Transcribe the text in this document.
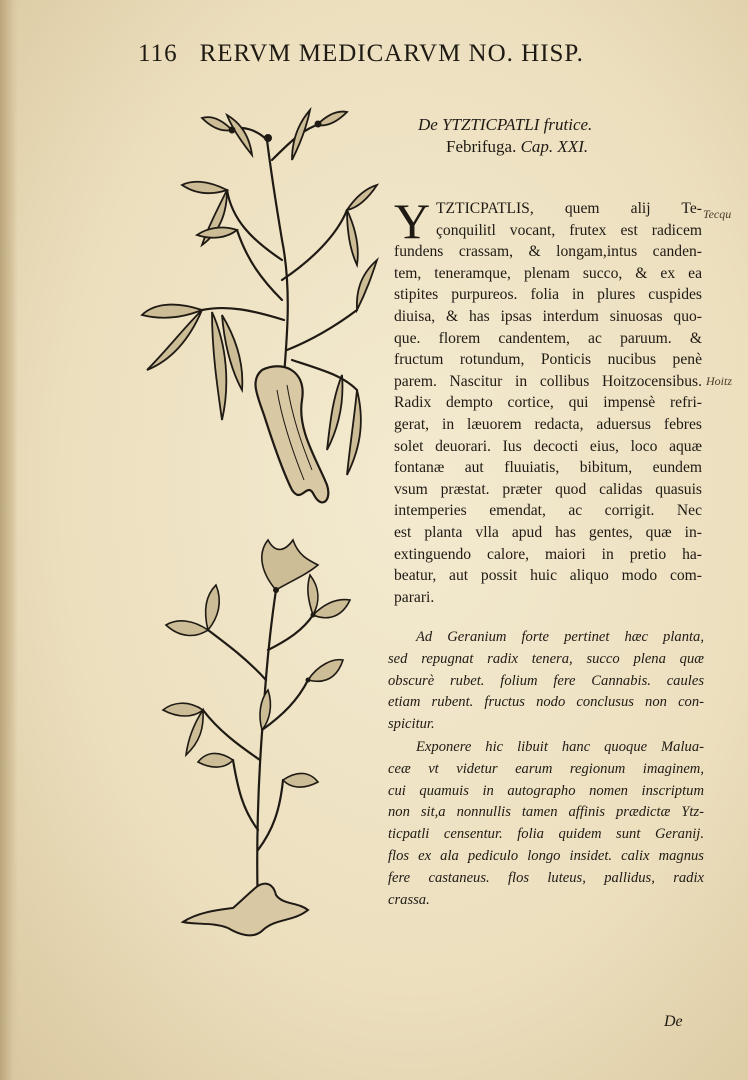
116 RERVM MEDICARVM NO. HISP.
De YTZTICPATLI frutice.
Febrifuga. Cap. XXI.
Y TZTICPATLIS, quem alij Te-
çonquilitl vocant, frutex est radicem
fundens crassam, & longam,intus canden-
tem, teneramque, plenam succo, & ex ea
stipites purpureos. folia in plures cuspides
diuisa, & has ipsas interdum sinuosas quo-
que. florem candentem, ac paruum. &
fructum rotundum, Ponticis nucibus penè
parem. Nascitur in collibus Hoitzocensibus.
Radix dempto cortice, qui impensè refri-
gerat, in læuorem redacta, aduersus febres
solet deuorari. Ius decocti eius, loco aquæ
fontanæ aut fluuiatis, bibitum, eundem
vsum præstat. præter quod calidas quasuis
intemperies emendat, ac corrigit. Nec
est planta vlla apud has gentes, quæ in-
extinguendo calore, maiori in pretio ha-
beatur, aut possit huic aliquo modo com-
parari.
Ad Geranium forte pertinet hæc planta,
sed repugnat radix tenera, succo plena quæ
obscurè rubet. folium fere Cannabis. caules
etiam rubent. fructus nodo conclusus non con-
spicitur.
Exponere hic libuit hanc quoque Malua-
ceæ vt videtur earum regionum imaginem,
cui quamuis in autographo nomen inscriptum
non sit,a nonnullis tamen affinis prædictæ Ytz-
ticpatli censentur. folia quidem sunt Geranij.
flos ex ala pediculo longo insidet. calix magnus
fere castaneus. flos luteus, pallidus, radix
crassa.
Tecqu
Hoitz
De
